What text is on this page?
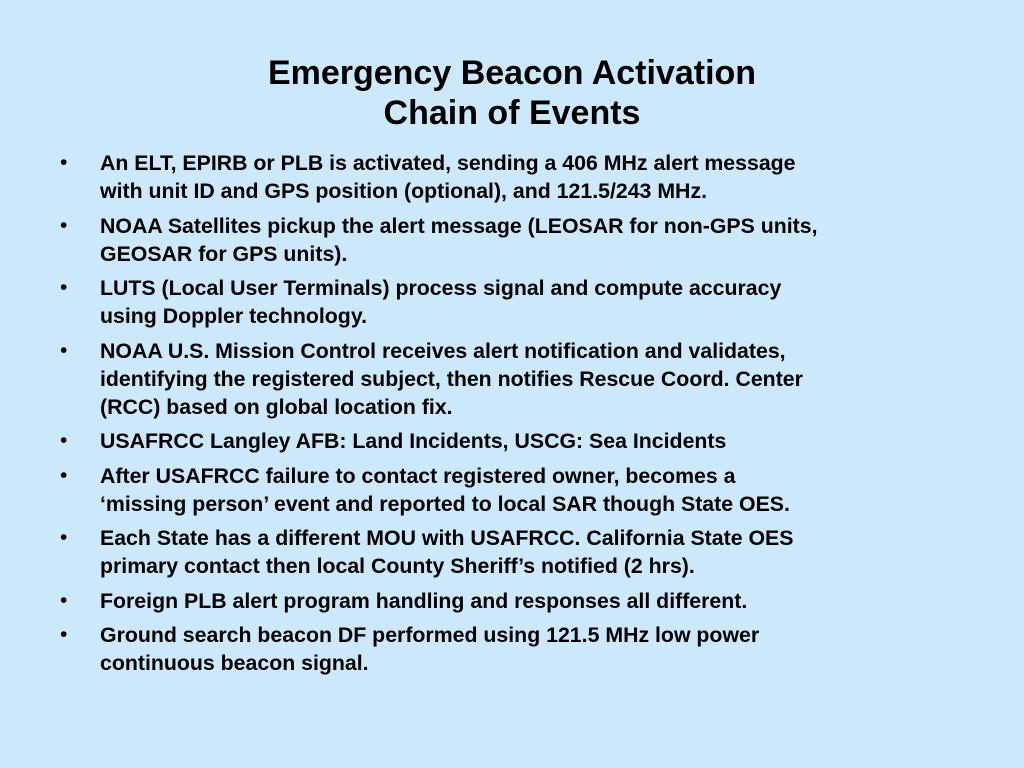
Emergency Beacon Activation
Chain of Events
• An ELT, EPIRB or PLB is activated, sending a 406 MHz alert message
with unit ID and GPS position (optional), and 121.5/243 MHz.
• NOAA Satellites pickup the alert message (LEOSAR for non-GPS units,
GEOSAR for GPS units).
• LUTS (Local User Terminals) process signal and compute accuracy
using Doppler technology.
• NOAA U.S. Mission Control receives alert notification and validates,
identifying the registered subject, then notifies Rescue Coord. Center
(RCC) based on global location fix.
• USAFRCC Langley AFB: Land Incidents, USCG: Sea Incidents
• After USAFRCC failure to contact registered owner, becomes a
‘missing person’ event and reported to local SAR though State OES.
• Each State has a different MOU with USAFRCC. California State OES
primary contact then local County Sheriff’s notified (2 hrs).
• Foreign PLB alert program handling and responses all different.
• Ground search beacon DF performed using 121.5 MHz low power
continuous beacon signal.
